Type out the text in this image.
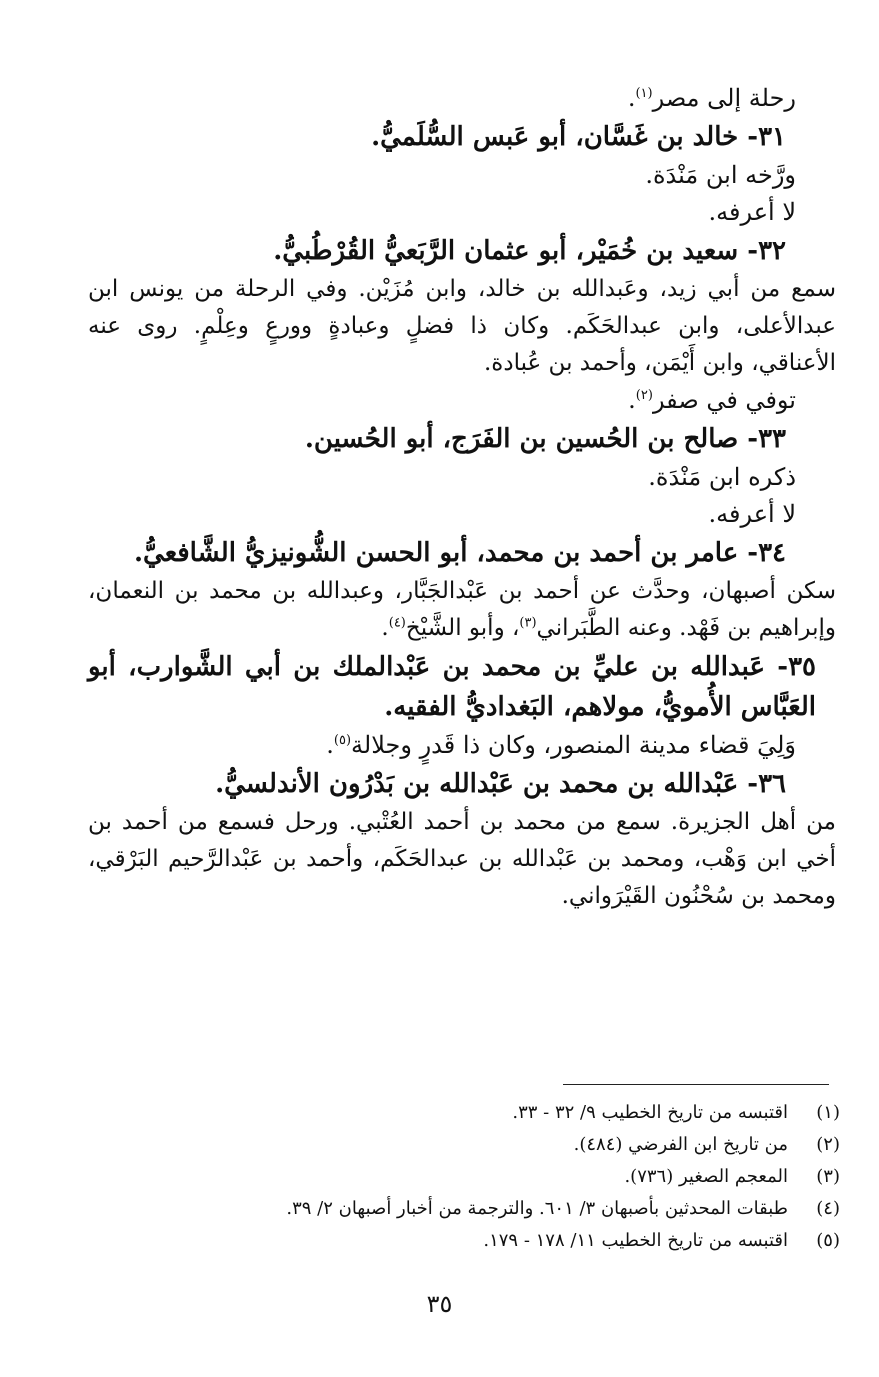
رحلة إلى مصر$^{(١)}$.

٣١- خالد بن غَسَّان، أبو عَبس السُّلَميُّ.

ورَّخه ابن مَنْدَة.

لا أعرفه.

٣٢- سعيد بن خُمَيْر، أبو عثمان الرَّبَعيُّ القُرْطُبيُّ.

سمع من أبي زيد، وعَبدالله بن خالد، وابن مُزَيْن. وفي الرحلة من يونس ابن عبدالأعلى، وابن عبدالحَكَم. وكان ذا فضلٍ وعبادةٍ وورعٍ وعِلْمٍ. روى عنه الأعناقي، وابن أَيْمَن، وأحمد بن عُبادة.

توفي في صفر$^{(٢)}$.

٣٣- صالح بن الحُسين بن الفَرَج، أبو الحُسين.

ذكره ابن مَنْدَة.

لا أعرفه.

٣٤- عامر بن أحمد بن محمد، أبو الحسن الشُّونيزيُّ الشَّافعيُّ.

سكن أصبهان، وحدَّث عن أحمد بن عَبْدالجَبَّار، وعبدالله بن محمد بن النعمان، وإبراهيم بن فَهْد. وعنه الطَّبَراني$^{(٣)}$، وأبو الشَّيْخ$^{(٤)}$.

٣٥- عَبدالله بن عليِّ بن محمد بن عَبْدالملك بن أبي الشَّوارب، أبو العَبَّاس الأُمويُّ، مولاهم، البَغداديُّ الفقيه.

وَلِيَ قضاء مدينة المنصور، وكان ذا قَدرٍ وجلالة$^{(٥)}$.

٣٦- عَبْدالله بن محمد بن عَبْدالله بن بَدْرُون الأندلسيُّ.

من أهل الجزيرة. سمع من محمد بن أحمد العُتْبي. ورحل فسمع من أحمد بن أخي ابن وَهْب، ومحمد بن عَبْدالله بن عبدالحَكَم، وأحمد بن عَبْدالرَّحيم البَرْقي، ومحمد بن سُحْنُون القَيْرَواني.

(١)
اقتبسه من تاريخ الخطيب ٩/ ٣٢ - ٣٣.
(٢)
من تاريخ ابن الفرضي (٤٨٤).
(٣)
المعجم الصغير (٧٣٦).
(٤)
طبقات المحدثين بأصبهان ٣/ ٦٠١. والترجمة من أخبار أصبهان ٢/ ٣٩.
(٥)
اقتبسه من تاريخ الخطيب ١١/ ١٧٨ - ١٧٩.
٣٥
